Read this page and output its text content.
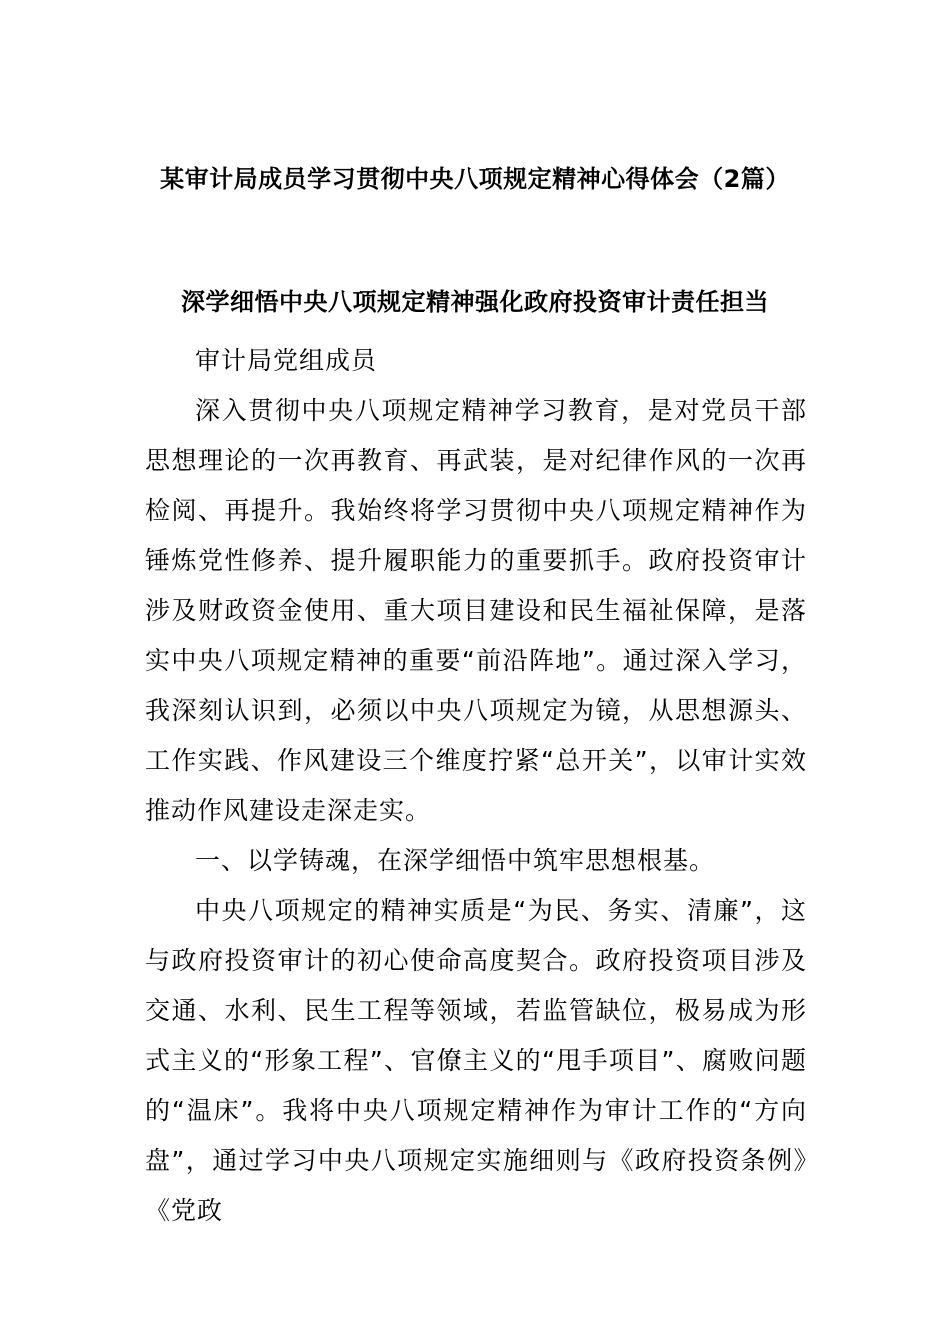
某审计局成员学习贯彻中央八项规定精神心得体会（2篇）
深学细悟中央八项规定精神强化政府投资审计责任担当

审计局党组成员

深入贯彻中央八项规定精神学习教育，是对党员干部思想理论的一次再教育、再武装，是对纪律作风的一次再检阅、再提升。我始终将学习贯彻中央八项规定精神作为锤炼党性修养、提升履职能力的重要抓手。政府投资审计涉及财政资金使用、重大项目建设和民生福祉保障，是落实中央八项规定精神的重要“前沿阵地”。通过深入学习，我深刻认识到，必须以中央八项规定为镜，从思想源头、工作实践、作风建设三个维度拧紧“总开关”，以审计实效推动作风建设走深走实。

一、以学铸魂，在深学细悟中筑牢思想根基。

中央八项规定的精神实质是“为民、务实、清廉”，这与政府投资审计的初心使命高度契合。政府投资项目涉及交通、水利、民生工程等领域，若监管缺位，极易成为形式主义的“形象工程”、官僚主义的“甩手项目”、腐败问题的“温床”。我将中央八项规定精神作为审计工作的“方向盘”，通过学习中央八项规定实施细则与《政府投资条例》《党政
